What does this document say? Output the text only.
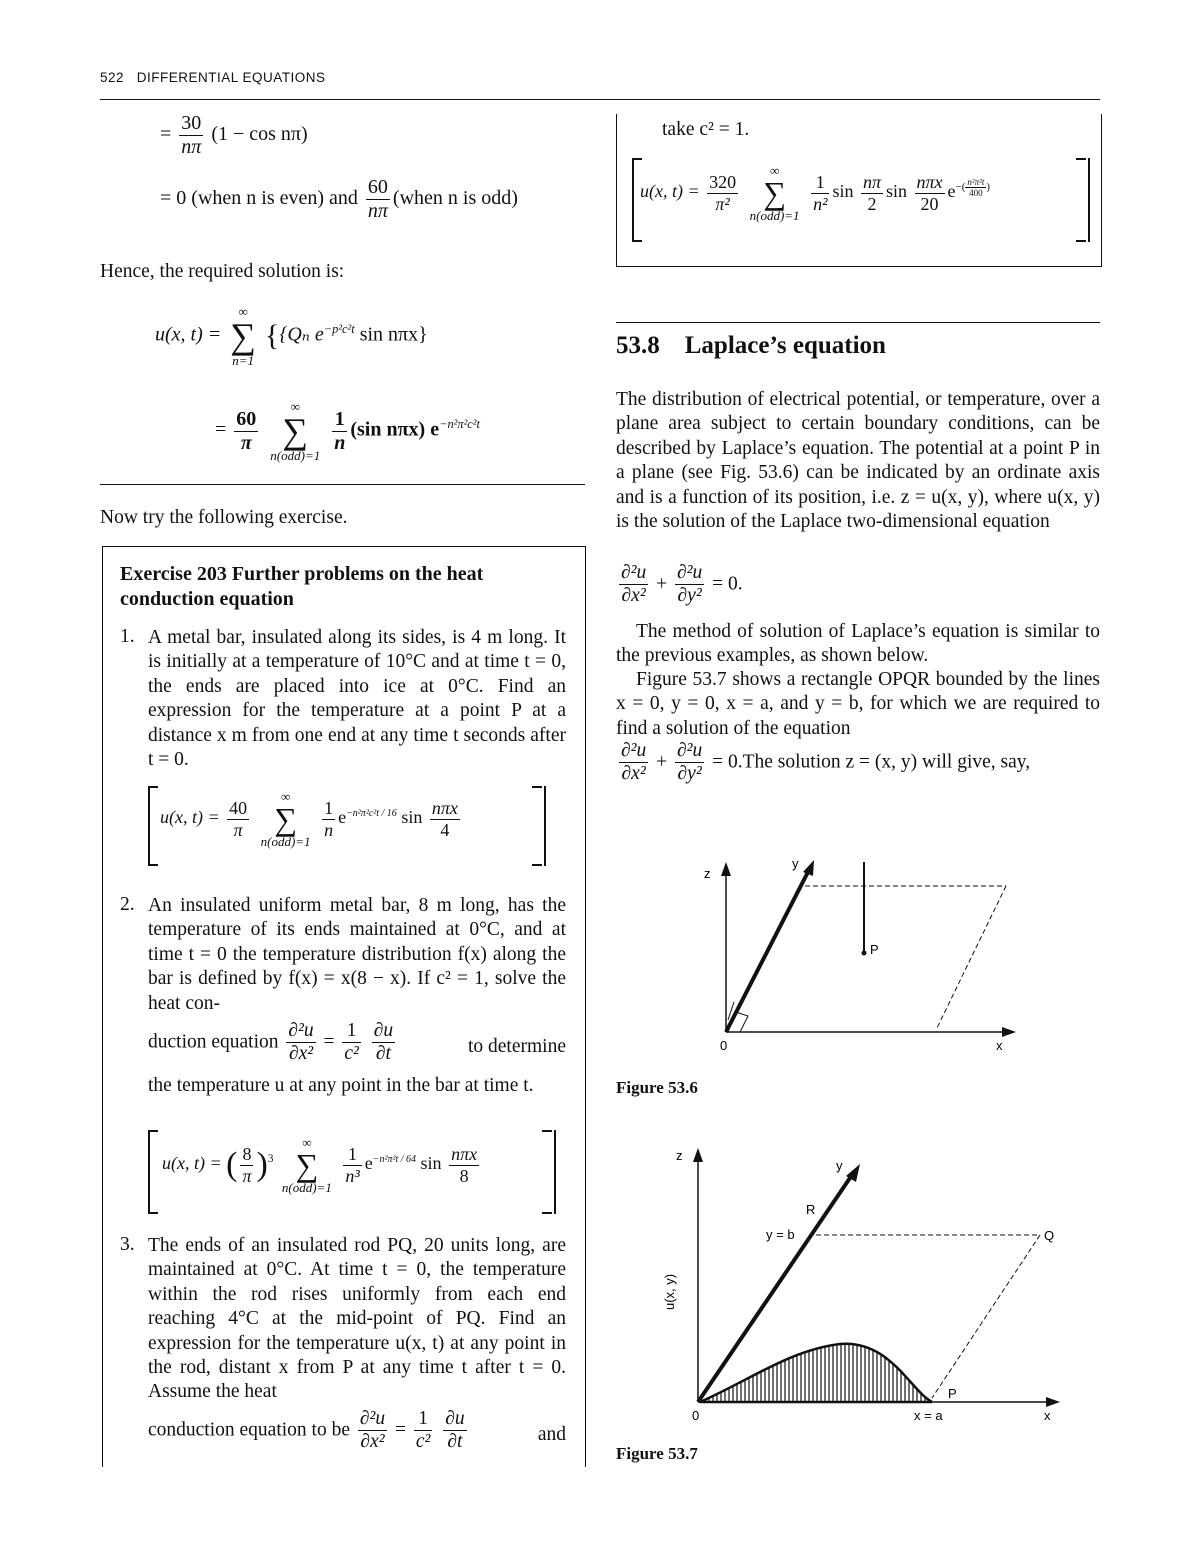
522 DIFFERENTIAL EQUATIONS
= $\frac{30}{n\pi} (1 - \cos n\pi)$
= 0 (when n is even) and $\frac{60}{n\pi}$ (when n is odd)
Hence, the required solution is:
u(x, t) =
∞
∑
n=1
{{Qₙ $e^{-p^2c^2t}$ sin nπx}
= $\frac{60}{\pi}$

∞
∑
n(odd)=1

$\frac{1}{n} (\sin$ nπx) $e^{-n^2\pi^2c^2t}$
Now try the following exercise.
Exercise 203 Further problems on the heat conduction equation
1. A metal bar, insulated along its sides, is 4 m long. It is initially at a temperature of 10°C and at time t = 0, the ends are placed into ice at 0°C. Find an expression for the temperature at a point P at a distance x m from one end at any time t seconds after t = 0.
u(x, $t) = \frac{40}{\pi}$

∞
∑
n(odd)=1

$\frac{1}{n} e^{-n^2\pi^2c^2t / 16}$ $\sin \frac{\text{nπx}}{4}$
2. An insulated uniform metal bar, 8 m long, has the temperature of its ends maintained at 0°C, and at time t = 0 the temperature distribution f(x) along the bar is defined by f(x) = x(8 − x). If c² = 1, solve the heat con-
duction equation $\frac{\text{∂²u}}{\text{∂x²}} = \frac{1}{\text{c²}}$
$\frac{\partial u}{\partial t}$	to determine
the temperature u at any point in the bar at time t.
u(x, t) = ( $\frac{8}{\pi} )^3$
∞
∑
n(odd)=1

$\frac{1}{\text{n³}} e^{-n^2\pi^2t / 64}$ $\sin \frac{\text{nπx}}{8}$
3. The ends of an insulated rod PQ, 20 units long, are maintained at 0°C. At time t = 0, the temperature within the rod rises uniformly from each end reaching 4°C at the mid-point of PQ. Find an expression for the temperature u(x, t) at any point in the rod, distant x from P at any time t after t = 0. Assume the heat
conduction equation to be $\frac{\text{∂²u}}{\text{∂x²}} = \frac{1}{\text{c²}}$
$\frac{\partial u}{\partial t}$	and
take c² = 1.
u(x, $t) = \frac{320}{\text{π²}}$

∞
∑
n(odd)=1

$\frac{1}{\text{n²}}$ $\sin \frac{n\pi}{2}$ $\sin \frac{\text{nπx}}{20} e^{-( \frac{\text{n²π²t}}{400} )}$
53.8 Laplace’s equation
The distribution of electrical potential, or temperature, over a plane area subject to certain boundary conditions, can be described by Laplace’s equation. The potential at a point P in a plane (see Fig. 53.6) can be indicated by an ordinate axis and is a function of its position, i.e. z = u(x, y), where u(x, y) is the solution of the Laplace two-dimensional equation
$\frac{\text{∂²u}}{\text{∂x²}} + \frac{\text{∂²u}}{\text{∂y²}} = 0$.
The method of solution of Laplace’s equation is similar to the previous examples, as shown below.
Figure 53.7 shows a rectangle OPQR bounded by the lines x = 0, y = 0, x = a, and y = b, for which we are required to find a solution of the equation
$\frac{\text{∂²u}}{\text{∂x²}} + \frac{\text{∂²u}}{\text{∂y²}} = 0.The$ solution z = (x, y) will give, say,
z
y
P
0	x
Figure 53.6
z
y
R
y = b	Q
P
0	x = a	x
u(x, y)
Figure 53.7
